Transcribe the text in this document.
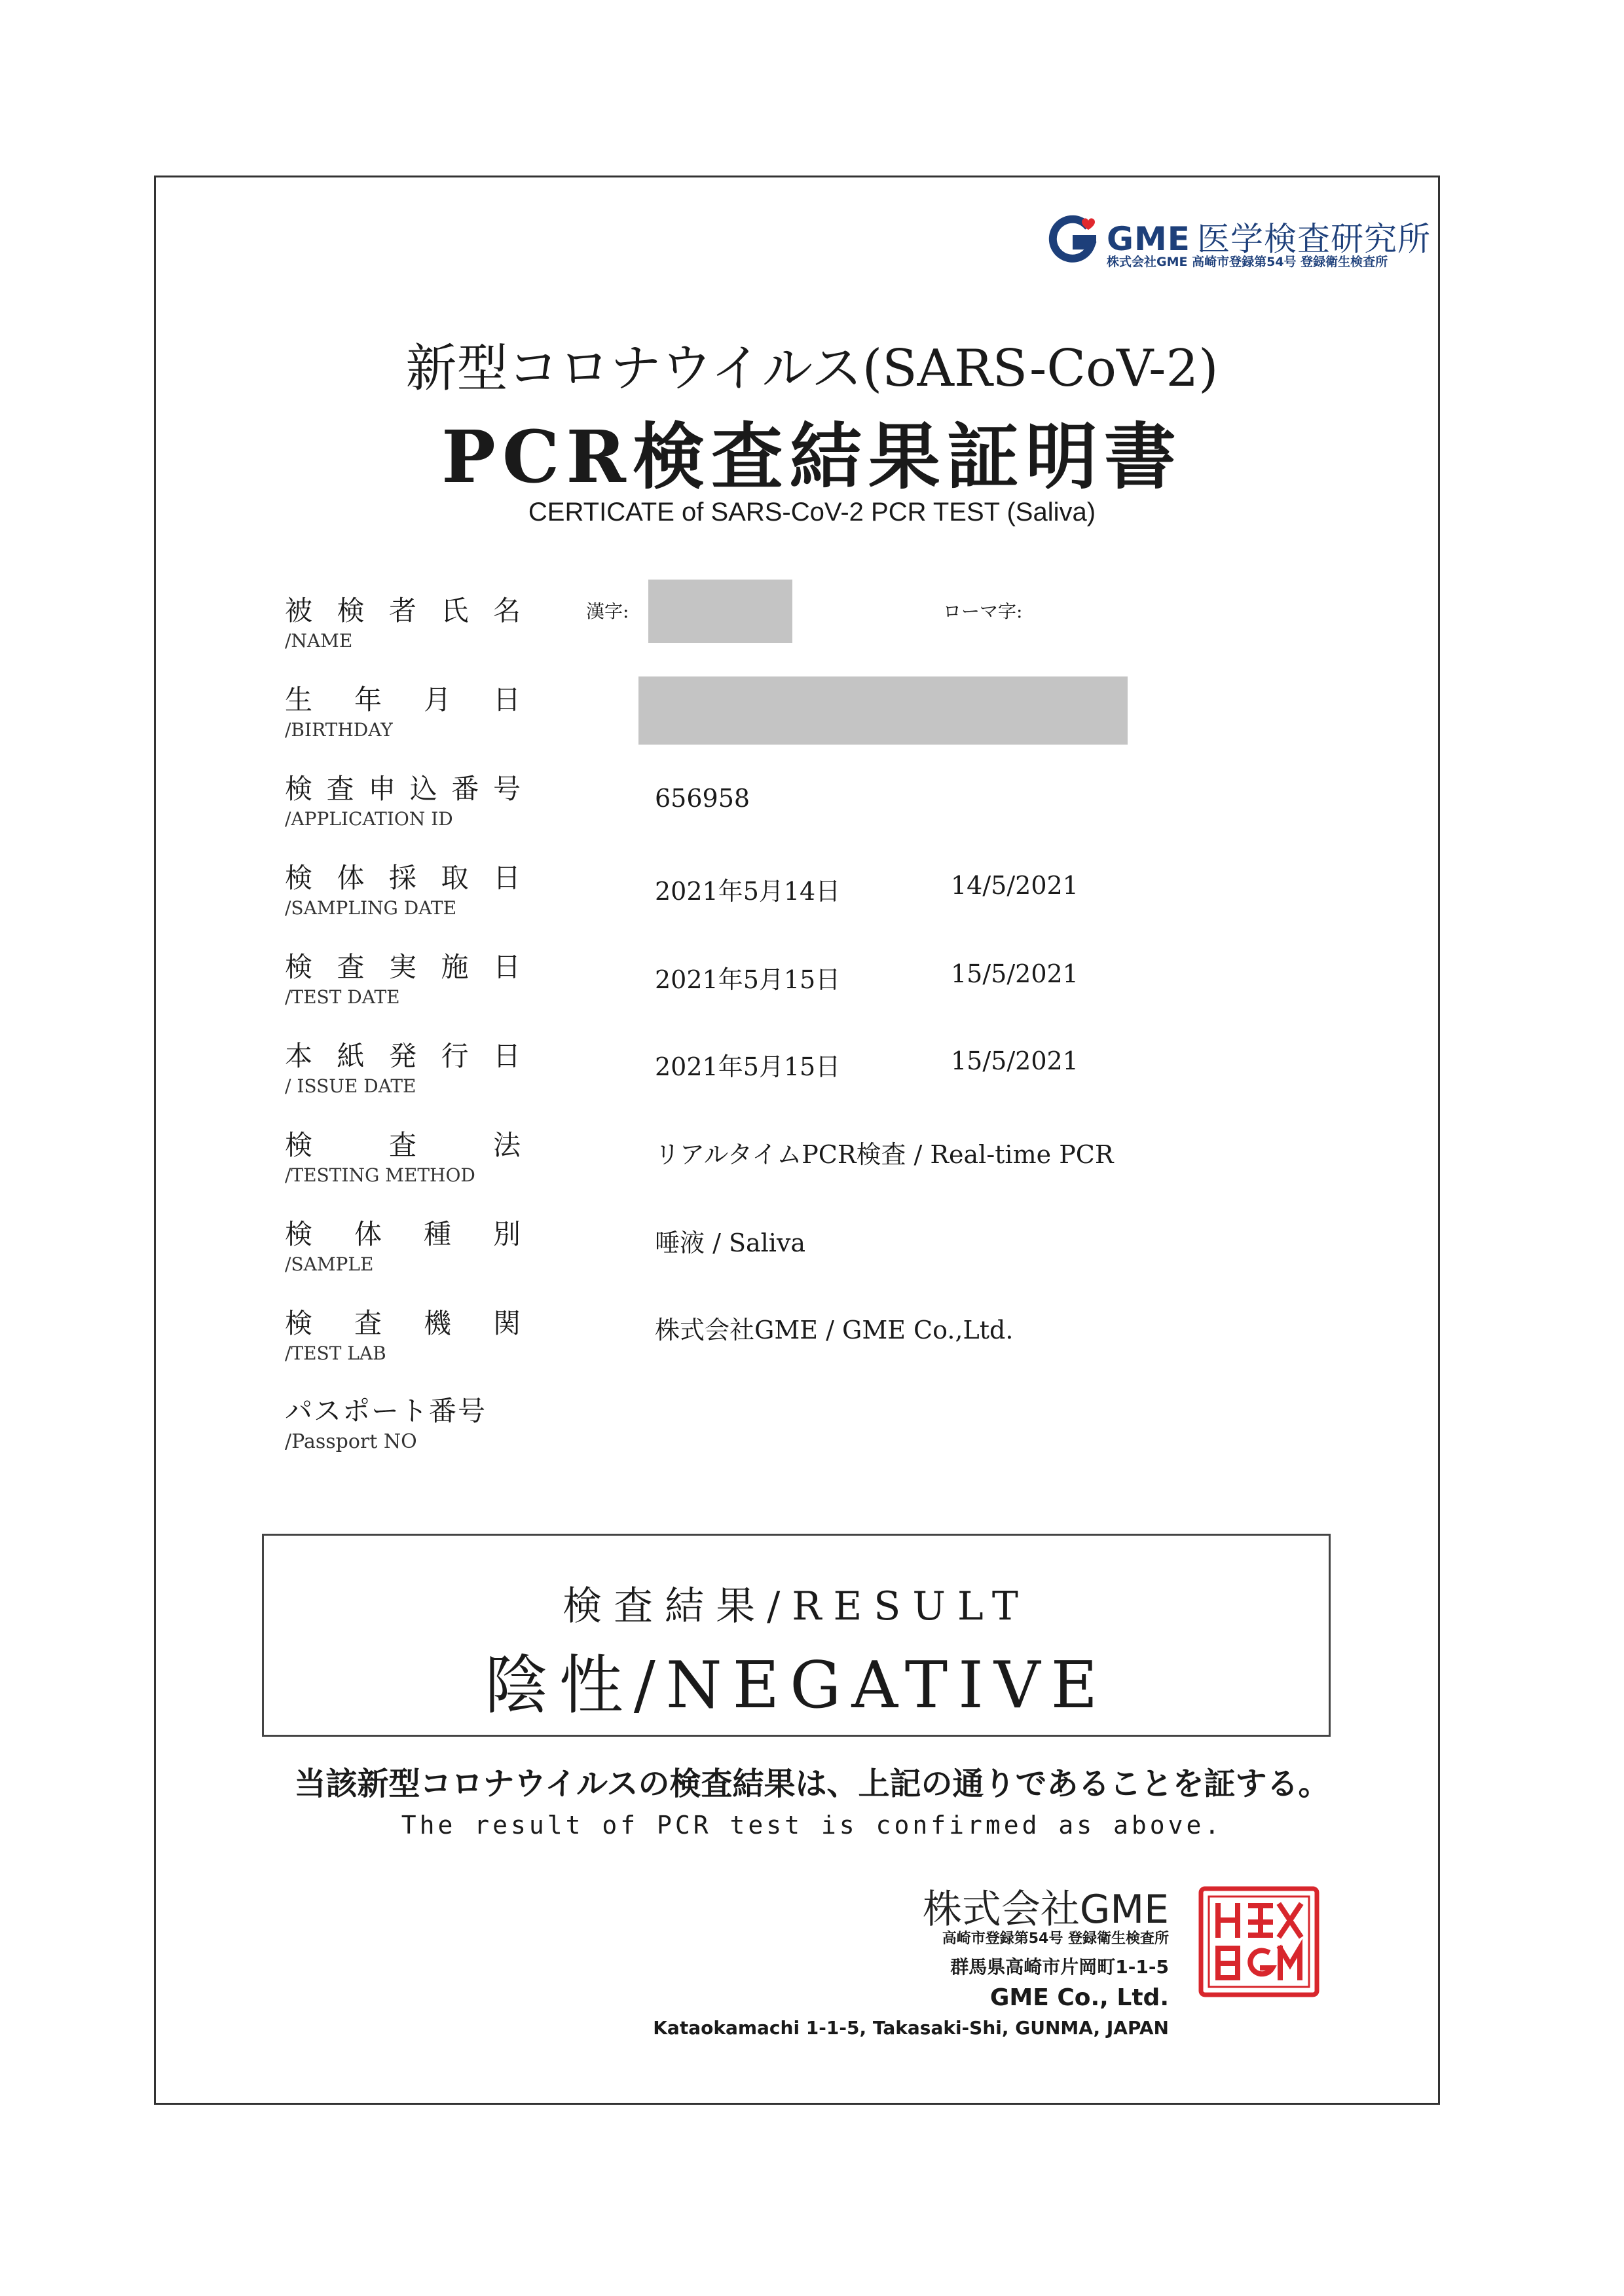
GME 医学検査研究所
株式会社GME 高崎市登録第54号 登録衛生検査所
新型コロナウイルス(SARS-CoV-2)
PCR検査結果証明書
CERTICATE of SARS-CoV-2 PCR TEST (Saliva)
被 検 者 氏 名
/NAME
漢字:	ローマ字:
生 年 月 日
/BIRTHDAY
検 査 申 込 番 号
/APPLICATION ID
656958
検 体 採 取 日
/SAMPLING DATE
2021年5月14日	14/5/2021
検 査 実 施 日
/TEST DATE
2021年5月15日	15/5/2021
本 紙 発 行 日
/ ISSUE DATE
2021年5月15日	15/5/2021
検	査	法
/TESTING METHOD
リアルタイムPCR検査 / Real-time PCR
検 体 種 別
/SAMPLE
唾液 / Saliva
検 査 機 関
/TEST LAB
株式会社GME / GME Co.,Ltd.
パスポート番号
/Passport NO
検査結果/RESULT
陰性/NEGATIVE
当該新型コロナウイルスの検査結果は、上記の通りであることを証する。
The result of PCR test is confirmed as above.
株式会社GME
高崎市登録第54号 登録衛生検査所
群馬県高崎市片岡町1-1-5
GME Co., Ltd.
Kataokamachi 1-1-5, Takasaki-Shi, GUNMA, JAPAN
